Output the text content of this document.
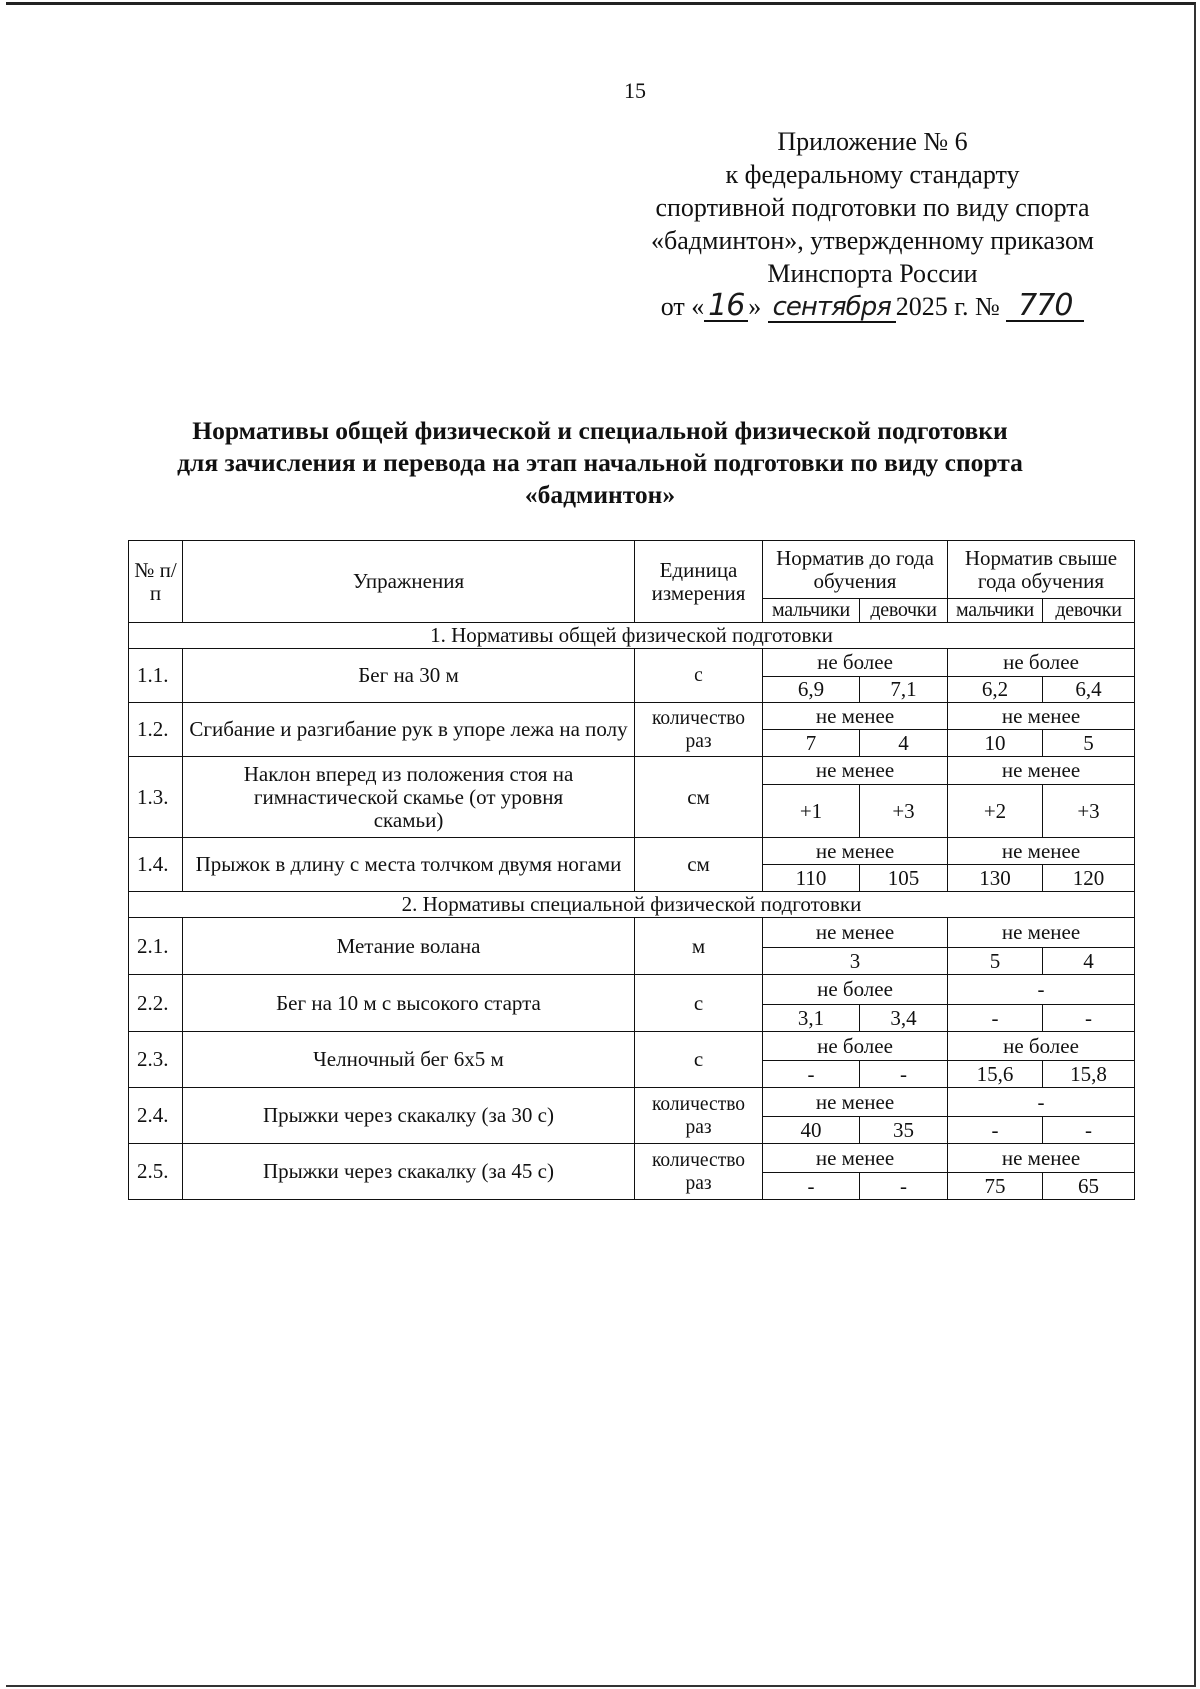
15
Приложение № 6
к федеральному стандарту
спортивной подготовки по виду спорта
«бадминтон», утвержденному приказом
Минспорта России
от « 16 » сентября 2025 г. № 770
Нормативы общей физической и специальной физической подготовки
для зачисления и перевода на этап начальной подготовки по виду спорта
«бадминтон»
№ п/п	Упражнения	Единица измерения	Норматив до года обучения		Норматив свыше года обучения	
			мальчики	девочки	мальчики	девочки
1. Нормативы общей физической подготовки						
1.1.	Бег на 30 м	с	не более		не более	
			6,9	7,1	6,2	6,4
1.2.	Сгибание и разгибание рук в упоре лежа на полу	количество раз	не менее		не менее	
			7	4	10	5
1.3.	Наклон вперед из положения стоя на гимнастической скамье (от уровня скамьи)	см	не менее		не менее	
			+1	+3	+2	+3
1.4.	Прыжок в длину с места толчком двумя ногами	см	не менее		не менее	
			110	105	130	120
2. Нормативы специальной физической подготовки						
2.1.	Метание волана	м	не менее		не менее	
			3		5	4
2.2.	Бег на 10 м с высокого старта	с	не более		-	
			3,1	3,4	-	-
2.3.	Челночный бег 6х5 м	с	не более		не более	
			-	-	15,6	15,8
2.4.	Прыжки через скакалку (за 30 с)	количество раз	не менее		-	
			40	35	-	-
2.5.	Прыжки через скакалку (за 45 с)	количество раз	не менее		не менее	
			-	-	75	65
